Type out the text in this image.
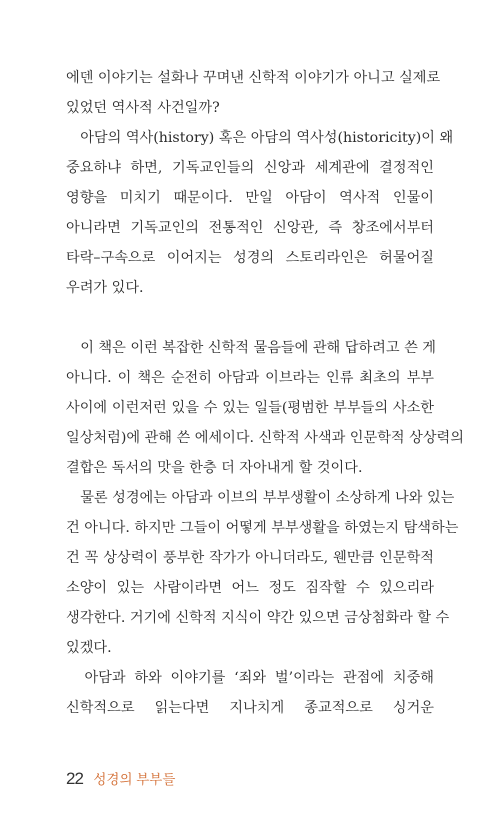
에덴 이야기는 설화나 꾸며낸 신학적 이야기가 아니고 실제로
있었던 역사적 사건일까?
　아담의 역사(history) 혹은 아담의 역사성(historicity)이 왜
중요하냐 하면, 기독교인들의 신앙과 세계관에 결정적인
영향을 미치기 때문이다. 만일 아담이 역사적 인물이
아니라면 기독교인의 전통적인 신앙관, 즉 창조에서부터
타락–구속으로 이어지는 성경의 스토리라인은 허물어질
우려가 있다.
　이 책은 이런 복잡한 신학적 물음들에 관해 답하려고 쓴 게
아니다. 이 책은 순전히 아담과 이브라는 인류 최초의 부부
사이에 이런저런 있을 수 있는 일들(평범한 부부들의 사소한
일상처럼)에 관해 쓴 에세이다. 신학적 사색과 인문학적 상상력의
결합은 독서의 맛을 한층 더 자아내게 할 것이다.
　물론 성경에는 아담과 이브의 부부생활이 소상하게 나와 있는
건 아니다. 하지만 그들이 어떻게 부부생활을 하였는지 탐색하는
건 꼭 상상력이 풍부한 작가가 아니더라도, 웬만큼 인문학적
소양이 있는 사람이라면 어느 정도 짐작할 수 있으리라
생각한다. 거기에 신학적 지식이 약간 있으면 금상첨화라 할 수
있겠다.
　아담과 하와 이야기를 ‘죄와 벌’이라는 관점에 치중해
신학적으로 읽는다면 지나치게 종교적으로 싱거운
22 성경의 부부들
